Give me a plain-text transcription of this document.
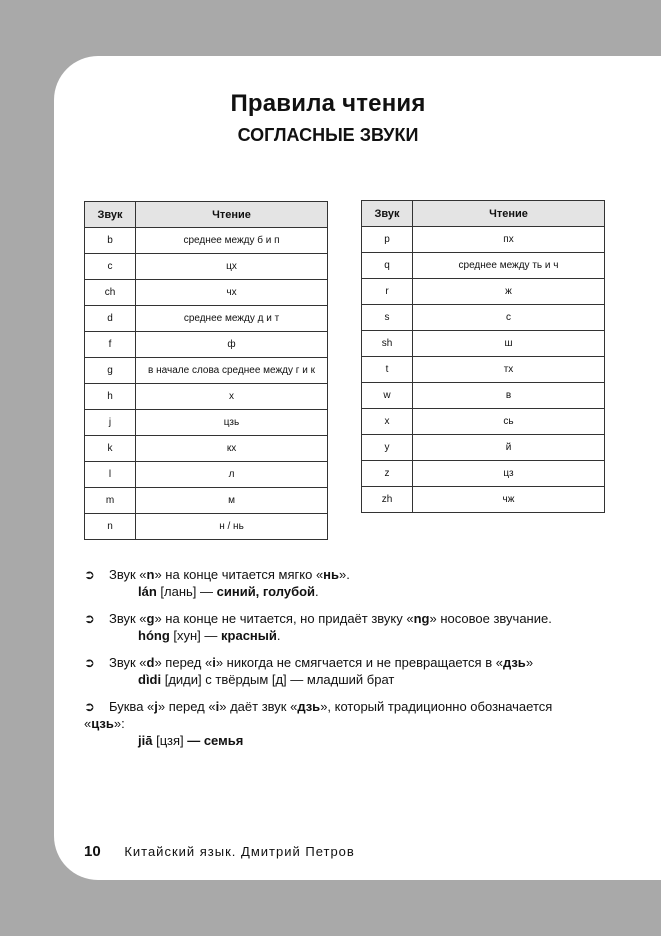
Правила чтения
СОГЛАСНЫЕ ЗВУКИ
Звук	Чтение
b	среднее между б и п
c	цх
ch	чх
d	среднее между д и т
f	ф
g	в начале слова среднее между г и к
h	х
j	цзь
k	кх
l	л
m	м
n	н / нь
Звук	Чтение
p	пх
q	среднее между ть и ч
r	ж
s	с
sh	ш
t	тх
w	в
x	сь
y	й
z	цз
zh	чж
➲	Звук «n» на конце читается мягко «нь».
lán [лань] — синий, голубой.
➲	Звук «g» на конце не читается, но придаёт звуку «ng» носовое звучание.
hóng [хун] — красный.
➲	Звук «d» перед «i» никогда не смягчается и не превращается в «дзь»
dìdi [диди] с твёрдым [д] — младший брат
➲	Буква «j» перед «i» даёт звук «дзь», который традиционно обозначается
«цзь»:
jiā [цзя] — семья
10 Китайский язык. Дмитрий Петров
